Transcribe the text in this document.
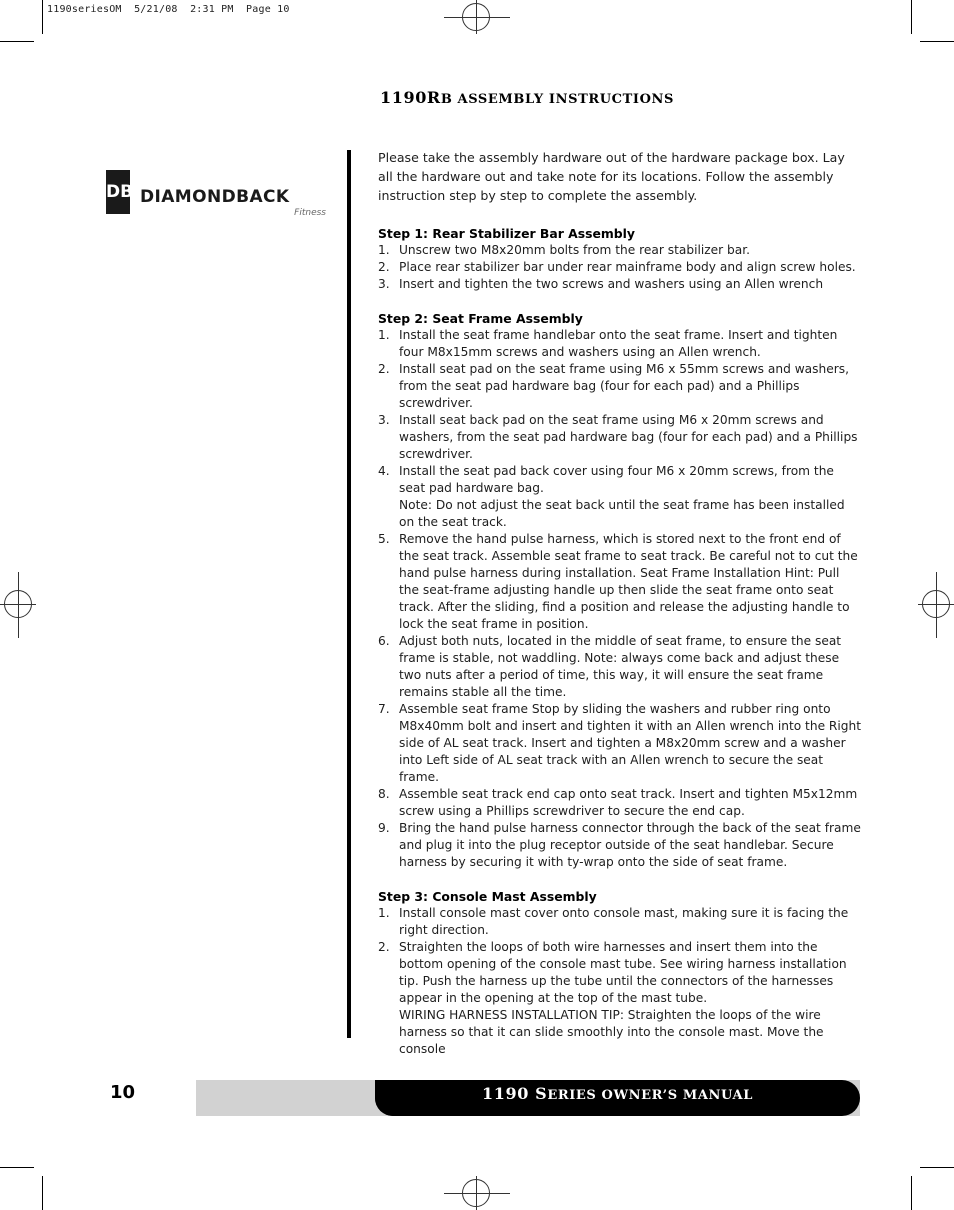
1190seriesOM  5/21/08  2:31 PM  Page 10
1190RB ASSEMBLY INSTRUCTIONS
DB DIAMONDBACK
Fitness

Please take the assembly hardware out of the hardware package box. Lay all the hardware out and take note for its locations. Follow the assembly instruction step by step to complete the assembly.

Step 1: Rear Stabilizer Bar Assembly
1. Unscrew two M8x20mm bolts from the rear stabilizer bar.
2. Place rear stabilizer bar under rear mainframe body and align screw holes.
3. Insert and tighten the two screws and washers using an Allen wrench
Step 2: Seat Frame Assembly
1. Install the seat frame handlebar onto the seat frame. Insert and tighten four M8x15mm screws and washers using an Allen wrench.
2. Install seat pad on the seat frame using M6 x 55mm screws and washers, from the seat pad hardware bag (four for each pad) and a Phillips screwdriver.
3. Install seat back pad on the seat frame using M6 x 20mm screws and washers, from the seat pad hardware bag (four for each pad) and a Phillips screwdriver.
4. Install the seat pad back cover using four M6 x 20mm screws, from the seat pad hardware bag.
Note: Do not adjust the seat back until the seat frame has been installed on the seat track.
5. Remove the hand pulse harness, which is stored next to the front end of the seat track. Assemble seat frame to seat track. Be careful not to cut the hand pulse harness during installation. Seat Frame Installation Hint: Pull the seat-frame adjusting handle up then slide the seat frame onto seat track. After the sliding, find a position and release the adjusting handle to lock the seat frame in position.
6. Adjust both nuts, located in the middle of seat frame, to ensure the seat frame is stable, not waddling. Note: always come back and adjust these two nuts after a period of time, this way, it will ensure the seat frame remains stable all the time.
7. Assemble seat frame Stop by sliding the washers and rubber ring onto M8x40mm bolt and insert and tighten it with an Allen wrench into the Right side of AL seat track. Insert and tighten a M8x20mm screw and a washer into Left side of AL seat track with an Allen wrench to secure the seat frame.
8. Assemble seat track end cap onto seat track. Insert and tighten M5x12mm screw using a Phillips screwdriver to secure the end cap.
9. Bring the hand pulse harness connector through the back of the seat frame and plug it into the plug receptor outside of the seat handlebar. Secure harness by securing it with ty-wrap onto the side of seat frame.
Step 3: Console Mast Assembly
1. Install console mast cover onto console mast, making sure it is facing the right direction.
2. Straighten the loops of both wire harnesses and insert them into the bottom opening of the console mast tube. See wiring harness installation tip. Push the harness up the tube until the connectors of the harnesses appear in the opening at the top of the mast tube.
WIRING HARNESS INSTALLATION TIP: Straighten the loops of the wire harness so that it can slide smoothly into the console mast. Move the console
10	1190 SERIES OWNER’S MANUAL
